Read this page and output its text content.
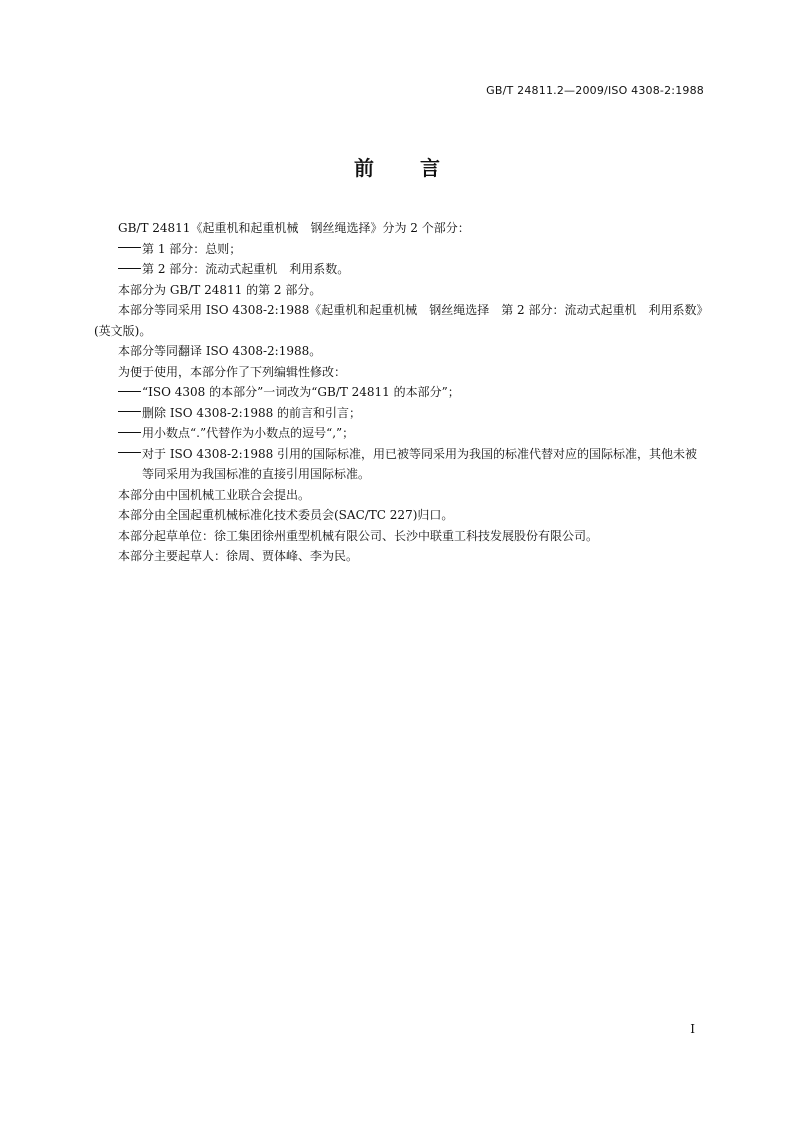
GB/T 24811.2—2009/ISO 4308-2:1988
前言

GB/T 24811《起重机和起重机械　钢丝绳选择》分为 2 个部分：

第 1 部分：总则；

第 2 部分：流动式起重机　利用系数。

本部分为 GB/T 24811 的第 2 部分。

本部分等同采用 ISO 4308-2:1988《起重机和起重机械　钢丝绳选择　第 2 部分：流动式起重机　利用系数》(英文版)。

本部分等同翻译 ISO 4308-2:1988。

为便于使用，本部分作了下列编辑性修改：

“ISO 4308 的本部分”一词改为“GB/T 24811 的本部分”；

删除 ISO 4308-2:1988 的前言和引言；

用小数点“.”代替作为小数点的逗号“,”；

对于 ISO 4308-2:1988 引用的国际标准，用已被等同采用为我国的标准代替对应的国际标准，其他未被等同采用为我国标准的直接引用国际标准。

本部分由中国机械工业联合会提出。

本部分由全国起重机械标准化技术委员会(SAC/TC 227)归口。

本部分起草单位：徐工集团徐州重型机械有限公司、长沙中联重工科技发展股份有限公司。

本部分主要起草人：徐周、贾体峰、李为民。

I
